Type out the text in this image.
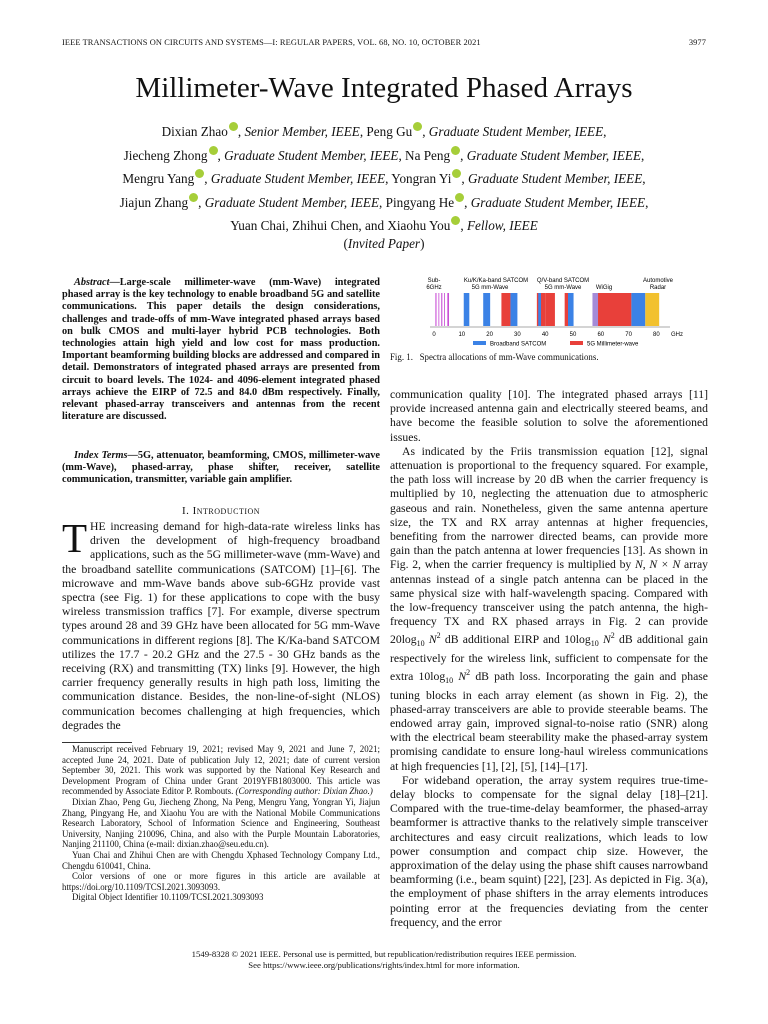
IEEE TRANSACTIONS ON CIRCUITS AND SYSTEMS—I: REGULAR PAPERS, VOL. 68, NO. 10, OCTOBER 2021	3977
Millimeter-Wave Integrated Phased Arrays
Dixian Zhao , Senior Member, IEEE, Peng Gu , Graduate Student Member, IEEE,
Jiecheng Zhong , Graduate Student Member, IEEE, Na Peng , Graduate Student Member, IEEE,
Mengru Yang , Graduate Student Member, IEEE, Yongran Yi , Graduate Student Member, IEEE,
Jiajun Zhang , Graduate Student Member, IEEE, Pingyang He , Graduate Student Member, IEEE,
Yuan Chai, Zhihui Chen, and Xiaohu You , Fellow, IEEE
(Invited Paper)
Abstract—Large-scale millimeter-wave (mm-Wave) integrated phased array is the key technology to enable broadband 5G and satellite communications. This paper details the design considerations, challenges and trade-offs of mm-Wave integrated phased arrays based on bulk CMOS and multi-layer hybrid PCB technologies. Both technologies attain high yield and low cost for mass production. Important beamforming building blocks are addressed and compared in detail. Demonstrators of integrated phased arrays are presented from circuit to board levels. The 1024- and 4096-element integrated phased arrays achieve the EIRP of 72.5 and 84.0 dBm respectively. Finally, relevant phased-array transceivers and antennas from the recent literature are discussed.
Index Terms—5G, attenuator, beamforming, CMOS, millimeter-wave (mm-Wave), phased-array, phase shifter, receiver, satellite communication, transmitter, variable gain amplifier.
I. Introduction
THE increasing demand for high-data-rate wireless links has driven the development of high-frequency broadband applications, such as the 5G millimeter-wave (mm-Wave) and the broadband satellite communications (SATCOM) [1]–[6]. The microwave and mm-Wave bands above sub-6GHz provide vast spectra (see Fig. 1) for these applications to cope with the busy wireless transmission traffics [7]. For example, diverse spectrum types around 28 and 39 GHz have been allocated for 5G mm-Wave communications in different regions [8]. The K/Ka-band SATCOM utilizes the 17.7 - 20.2 GHz and the 27.5 - 30 GHz bands as the receiving (RX) and transmitting (TX) links [9]. However, the high carrier frequency generally results in high path loss, limiting the communication distance. Besides, the non-line-of-sight (NLOS) communication becomes challenging at high frequencies, which degrades the

Manuscript received February 19, 2021; revised May 9, 2021 and June 7, 2021; accepted June 24, 2021. Date of publication July 12, 2021; date of current version September 30, 2021. This work was supported by the National Key Research and Development Program of China under Grant 2019YFB1803000. This article was recommended by Associate Editor P. Rombouts. (Corresponding author: Dixian Zhao.)

Dixian Zhao, Peng Gu, Jiecheng Zhong, Na Peng, Mengru Yang, Yongran Yi, Jiajun Zhang, Pingyang He, and Xiaohu You are with the National Mobile Communications Research Laboratory, School of Information Science and Engineering, Southeast University, Nanjing 210096, China, and also with the Purple Mountain Laboratories, Nanjing 211100, China (e-mail: dixian.zhao@seu.edu.cn).

Yuan Chai and Zhihui Chen are with Chengdu Xphased Technology Company Ltd., Chengdu 610041, China.

Color versions of one or more figures in this article are available at https://doi.org/10.1109/TCSI.2021.3093093.

Digital Object Identifier 10.1109/TCSI.2021.3093093

Sub-6GHz
Ku/K/Ka-band SATCOM
5G mm-Wave
Q/V-band SATCOM
5G mm-Wave WiGig
Automotive Radar
0	10	20	30	40	50	60	70	80 GHz
Broadband SATCOM	5G Millimeter-wave
Fig. 1. Spectra allocations of mm-Wave communications.

communication quality [10]. The integrated phased arrays [11] provide increased antenna gain and electrically steered beams, and have become the feasible solution to solve the aforementioned issues.

As indicated by the Friis transmission equation [12], signal attenuation is proportional to the frequency squared. For example, the path loss will increase by 20 dB when the carrier frequency is multiplied by 10, neglecting the attenuation due to atmospheric gaseous and rain. Nonetheless, given the same antenna aperture size, the TX and RX array antennas at higher frequencies, benefiting from the narrower directed beams, can provide more gain than the patch antenna at lower frequencies [13]. As shown in Fig. 2, when the carrier frequency is multiplied by N, N × N array antennas instead of a single patch antenna can be placed in the same physical size with half-wavelength spacing. Compared with the low-frequency transceiver using the patch antenna, the high-frequency TX and RX phased arrays in Fig. 2 can provide $20\log_{10}$ $N^2$ dB additional EIRP and $10\log_{10}$ $N^2$ dB additional gain respectively for the wireless link, sufficient to compensate for the extra $10\log_{10}$ $N^2$ dB path loss. Incorporating the gain and phase tuning blocks in each array element (as shown in Fig. 2), the phased-array transceivers are able to provide steerable beams. The endowed array gain, improved signal-to-noise ratio (SNR) along with the electrical beam steerability make the phased-array system promising candidate to ensure long-haul wireless communications at high frequencies [1], [2], [5], [14]–[17].

For wideband operation, the array system requires true-time-delay blocks to compensate for the signal delay [18]–[21]. Compared with the true-time-delay beamformer, the phased-array beamformer is attractive thanks to the relatively simple transceiver architectures and easy circuit realizations, which leads to low power consumption and compact chip size. However, the approximation of the delay using the phase shift causes narrowband beamforming (i.e., beam squint) [22], [23]. As depicted in Fig. 3(a), the employment of phase shifters in the array elements introduces pointing error at the frequencies deviating from the center frequency, and the error

1549-8328 © 2021 IEEE. Personal use is permitted, but republication/redistribution requires IEEE permission.
See https://www.ieee.org/publications/rights/index.html for more information.
